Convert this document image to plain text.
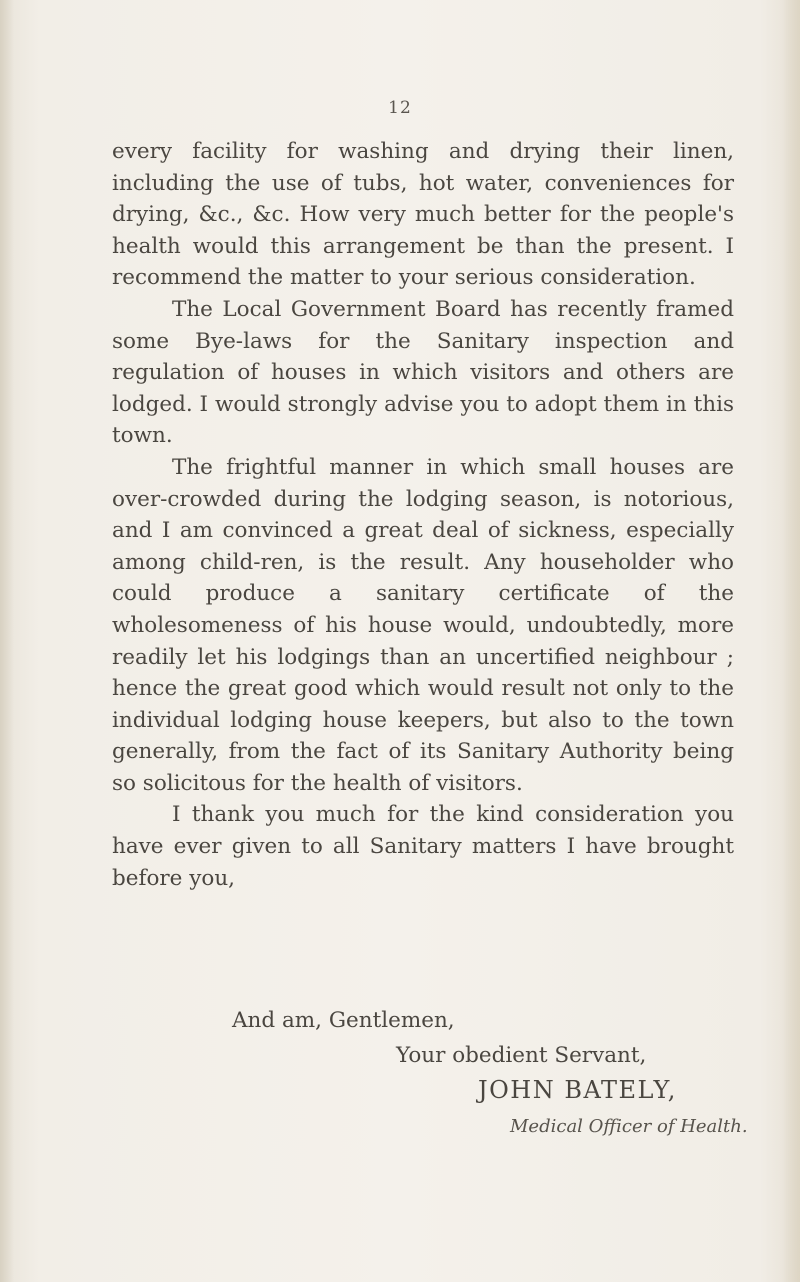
12

every facility for washing and drying their linen, including the use of tubs, hot water, conveniences for drying, &c., &c. How very much better for the people's health would this arrangement be than the present. I recommend the matter to your serious consideration.

The Local Government Board has recently framed some Bye-laws for the Sanitary inspection and regulation of houses in which visitors and others are lodged. I would strongly advise you to adopt them in this town.

The frightful manner in which small houses are over-crowded during the lodging season, is notorious, and I am convinced a great deal of sickness, especially among child-ren, is the result. Any householder who could produce a sanitary certificate of the wholesomeness of his house would, undoubtedly, more readily let his lodgings than an uncertified neighbour ; hence the great good which would result not only to the individual lodging house keepers, but also to the town generally, from the fact of its Sanitary Authority being so solicitous for the health of visitors.

I thank you much for the kind consideration you have ever given to all Sanitary matters I have brought before you,

And am, Gentlemen,
Your obedient Servant,
JOHN BATELY,
Medical Officer of Health.
